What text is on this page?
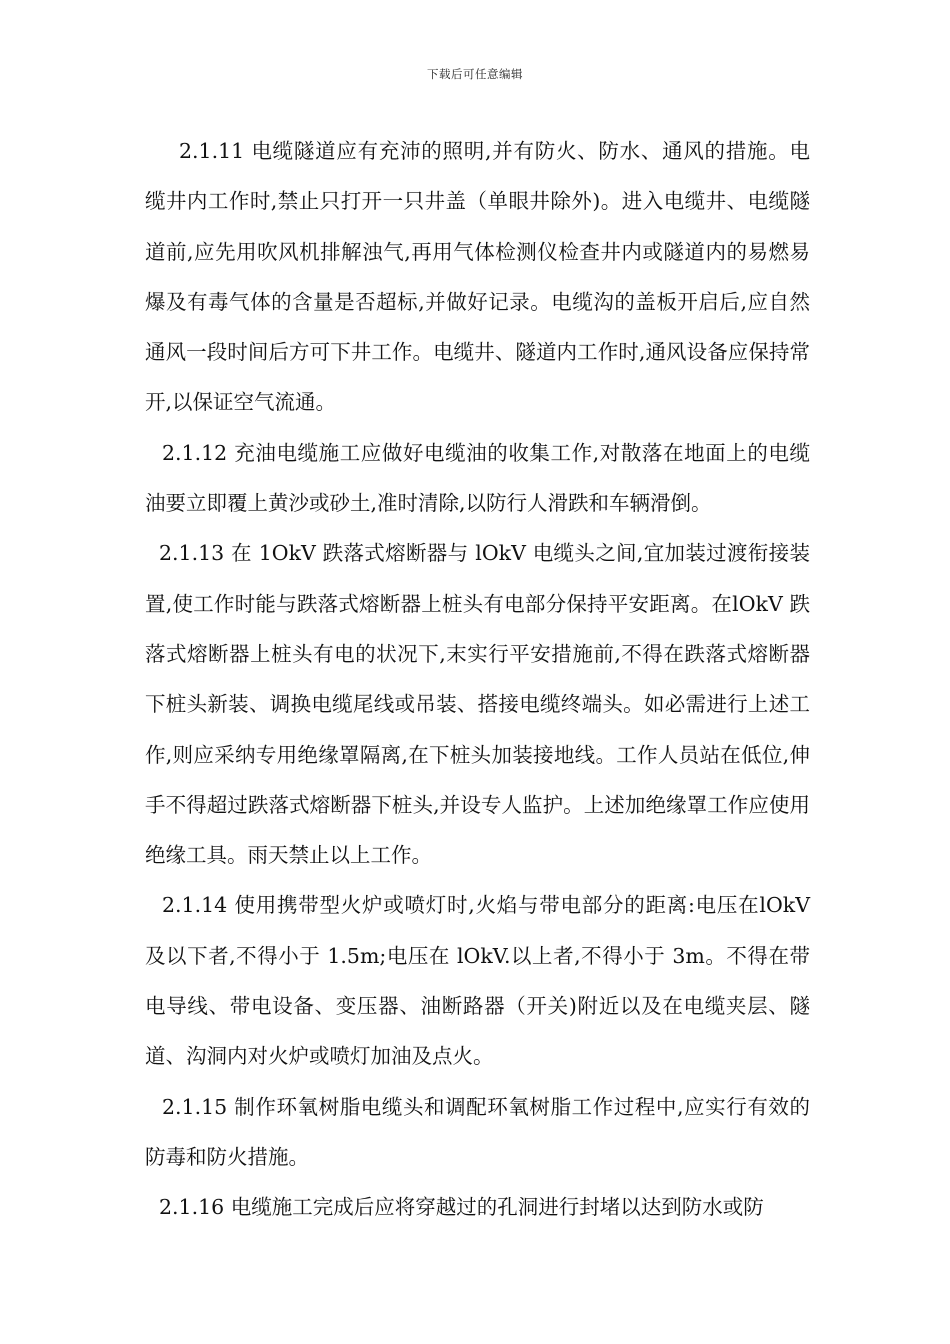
下载后可任意编辑

2.1.11 电缆隧道应有充沛的照明,并有防火、防水、通风的措施。电缆井内工作时,禁止只打开一只井盖（单眼井除外)。进入电缆井、电缆隧道前,应先用吹风机排解浊气,再用气体检测仪检查井内或隧道内的易燃易爆及有毒气体的含量是否超标,并做好记录。电缆沟的盖板开启后,应自然通风一段时间后方可下井工作。电缆井、隧道内工作时,通风设备应保持常开,以保证空气流通。

2.1.12 充油电缆施工应做好电缆油的收集工作,对散落在地面上的电缆油要立即覆上黄沙或砂土,准时清除,以防行人滑跌和车辆滑倒。

2.1.13 在 1OkV 跌落式熔断器与 lOkV 电缆头之间,宜加装过渡衔接装置,使工作时能与跌落式熔断器上桩头有电部分保持平安距离。在lOkV 跌落式熔断器上桩头有电的状况下,末实行平安措施前,不得在跌落式熔断器下桩头新装、调换电缆尾线或吊装、搭接电缆终端头。如必需进行上述工作,则应采纳专用绝缘罩隔离,在下桩头加装接地线。工作人员站在低位,伸手不得超过跌落式熔断器下桩头,并设专人监护。上述加绝缘罩工作应使用绝缘工具。雨天禁止以上工作。

2.1.14 使用携带型火炉或喷灯时,火焰与带电部分的距离:电压在lOkV 及以下者,不得小于 1.5m;电压在 lOkV.以上者,不得小于 3m。不得在带电导线、带电设备、变压器、油断路器（开关)附近以及在电缆夹层、隧道、沟洞内对火炉或喷灯加油及点火。

2.1.15 制作环氧树脂电缆头和调配环氧树脂工作过程中,应实行有效的防毒和防火措施。

2.1.16 电缆施工完成后应将穿越过的孔洞进行封堵以达到防水或防
